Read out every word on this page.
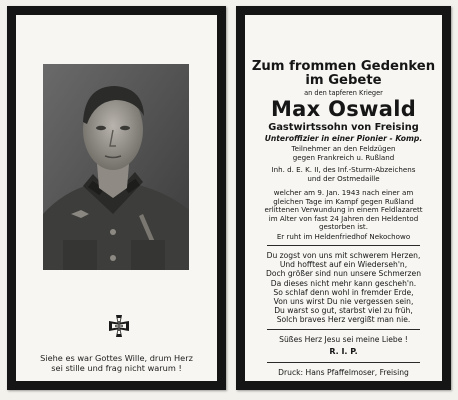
Siehe es war Gottes Wille, drum Herz
sei stille und frag nicht warum !
Zum frommen Gedenken
im Gebete
an den tapferen Krieger
Max Oswald
Gastwirtssohn von Freising
Unteroffizier in einer Pionier - Komp.
Teilnehmer an den Feldzügen
gegen Frankreich u. Rußland
Inh. d. E. K. II, des Inf.-Sturm-Abzeichens
und der Ostmedaille
welcher am 9. Jan. 1943 nach einer am
gleichen Tage im Kampf gegen Rußland
erlittenen Verwundung in einem Feldlazarett
im Alter von fast 24 Jahren den Heldentod
gestorben ist.
Er ruht im Heldenfriedhof Nekochowo
Du zogst von uns mit schwerem Herzen,
Und hofftest auf ein Wiederseh'n,
Doch größer sind nun unsere Schmerzen
Da dieses nicht mehr kann gescheh'n.
So schlaf denn wohl in fremder Erde,
Von uns wirst Du nie vergessen sein,
Du warst so gut, starbst viel zu früh,
Solch braves Herz vergißt man nie.
Süßes Herz Jesu sei meine Liebe !
R. I. P.
Druck: Hans Pfaffelmoser, Freising
